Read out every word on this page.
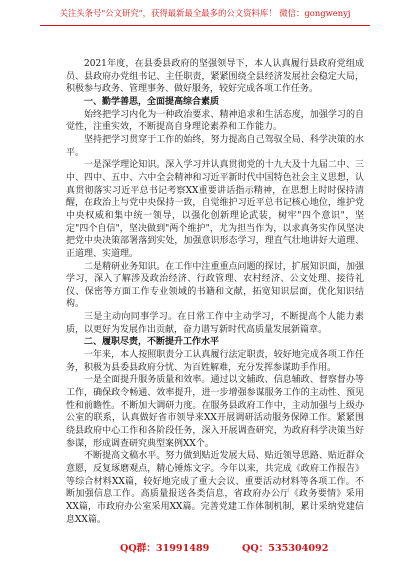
关注头条号"公文研究"，获得最新最全最多的公文资料库！ 微信：gongwenyj

2021年度，在县委县政府的坚强领导下，本人认真履行县政府党组成员、县政府办党组书记、主任职责，紧紧围绕全县经济发展社会稳定大局，积极参与政务、管理事务、做好服务，较好完成各项工作任务。

一、勤学善思，全面提高综合素质

始终把学习内化为一种政治要求、精神追求和生活态度，加强学习的自觉性，注重实效，不断提高自身理论素养和工作能力。

坚持把学习贯穿于工作的始终，努力提高自己驾驭全局、科学决策的水平。

一是深学理论知识。深入学习并认真贯彻党的十九大及十九届二中、三中、四中、五中、六中全会精神和习近平新时代中国特色社会主义思想，认真贯彻落实习近平总书记考察XX重要讲话指示精神，在思想上时时保持清醒，在政治上与党中央保持一致，自觉维护习近平总书记核心地位，维护党中央权威和集中统一领导，以强化创新理论武装，树牢"四个意识"，坚定"四个自信"，坚决做到"两个维护"，尤为担当作为，以求真务实作风坚决把党中央决策部署落到实处，加强意识形态学习，理直气壮地讲好大道理、正道理、实道理。

二是精研业务知识。在工作中注重重点问题的探讨，扩展知识面，加强学习，深入了解涉及政治经济、行政管理、农村经济、公文处理、接待礼仪、保密等方面工作专业领域的书籍和文献，拓宽知识层面，优化知识结构。

三是主动向同事学习。在日常工作中主动学习，不断提高个人能力素质，以更好为发展作出贡献，奋力谱写新时代高质量发展新篇章。

二、履职尽责，不断提升工作水平

一年来，本人按照职责分工认真履行法定职责，较好地完成各项工作任务，积极为县委县政府分忧、为百姓解难，充分发挥参谋助手作用。

一是全面提升服务质量和效率。通过以文辅政、信息辅政、督察督办等工作，确保政令畅通、效率提升，进一步增强参谋服务工作的主动性、预见性和前瞻性。不断加大调研力度。在服务县政府工作中，主动加强与上级办公室的联系，认真做好省市领导来XX开展调研活动服务保障工作。紧紧围绕县政府中心工作和各阶段任务，深入开展调查研究，为政府科学决策当好参谋，形成调查研究典型案例XX个。

不断提高文稿水平。努力做到贴近发展大局、贴近领导思路、贴近群众意愿，反复琢磨观点，精心锤炼文字。今年以来，共完成《政府工作报告》等综合材料XX篇，较好地完成了重大会议、重要活动材料等各项工作。不断加强信息工作。高质量报送各类信息，省政府办公厅《政务要情》采用XX篇，市政府办公室采用XX篇。完善党建工作体制机制，累计采纳党建信息XX篇。

QQ群：31991489	QQ：535304092
